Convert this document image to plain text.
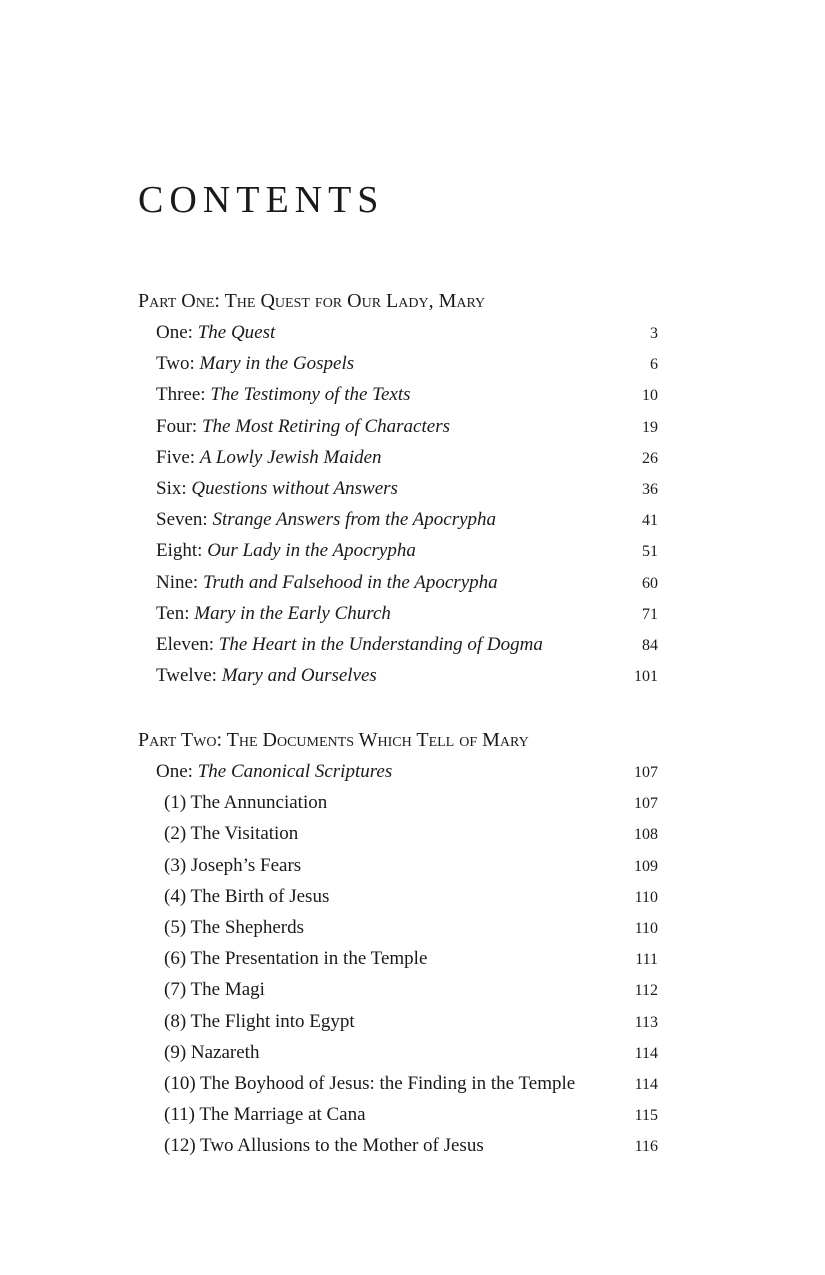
CONTENTS
Part One: The Quest for Our Lady, Mary
One: The Quest	3
Two: Mary in the Gospels	6
Three: The Testimony of the Texts	10
Four: The Most Retiring of Characters	19
Five: A Lowly Jewish Maiden	26
Six: Questions without Answers	36
Seven: Strange Answers from the Apocrypha	41
Eight: Our Lady in the Apocrypha	51
Nine: Truth and Falsehood in the Apocrypha	60
Ten: Mary in the Early Church	71
Eleven: The Heart in the Understanding of Dogma	84
Twelve: Mary and Ourselves	101
Part Two: The Documents Which Tell of Mary
One: The Canonical Scriptures	107
(1) The Annunciation	107
(2) The Visitation	108
(3) Joseph’s Fears	109
(4) The Birth of Jesus	110
(5) The Shepherds	110
(6) The Presentation in the Temple	111
(7) The Magi	112
(8) The Flight into Egypt	113
(9) Nazareth	114
(10) The Boyhood of Jesus: the Finding in the Temple	114
(11) The Marriage at Cana	115
(12) Two Allusions to the Mother of Jesus	116
